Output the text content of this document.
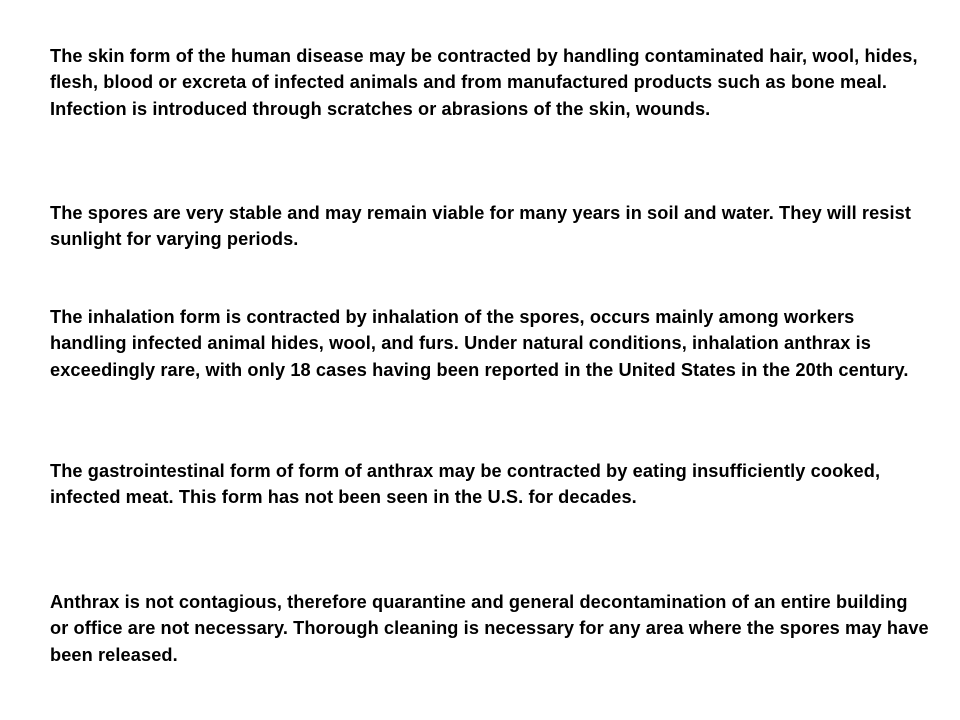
The skin form of the human disease may be contracted by handling contaminated hair, wool, hides, flesh, blood or excreta of infected animals and from manufactured products such as bone meal. Infection is introduced through scratches or abrasions of the skin, wounds.

The spores are very stable and may remain viable for many years in soil and water. They will resist sunlight for varying periods.

The inhalation form is contracted by inhalation of the spores, occurs mainly among workers handling infected animal hides, wool, and furs. Under natural conditions, inhalation anthrax is exceedingly rare, with only 18 cases having been reported in the United States in the 20th century.

The gastrointestinal form of form of anthrax may be contracted by eating insufficiently cooked, infected meat. This form has not been seen in the U.S. for decades.

Anthrax is not contagious, therefore quarantine and general decontamination of an entire building or office are not necessary. Thorough cleaning is necessary for any area where the spores may have been released.
